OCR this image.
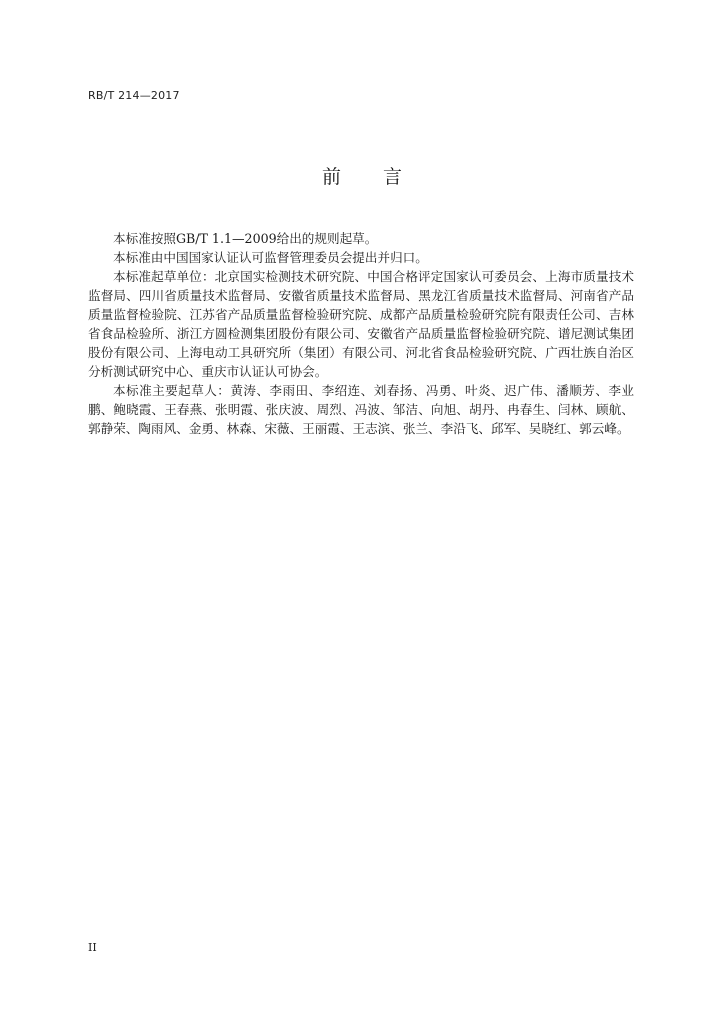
RB/T 214—2017
前 言

本标准按照GB/T 1.1—2009给出的规则起草。

本标准由中国国家认证认可监督管理委员会提出并归口。

本标准起草单位：北京国实检测技术研究院、中国合格评定国家认可委员会、上海市质量技术监督局、四川省质量技术监督局、安徽省质量技术监督局、黑龙江省质量技术监督局、河南省产品质量监督检验院、江苏省产品质量监督检验研究院、成都产品质量检验研究院有限责任公司、吉林省食品检验所、浙江方圆检测集团股份有限公司、安徽省产品质量监督检验研究院、谱尼测试集团股份有限公司、上海电动工具研究所（集团）有限公司、河北省食品检验研究院、广西壮族自治区分析测试研究中心、重庆市认证认可协会。

本标准主要起草人：黄涛、李雨田、李绍连、刘春扬、冯勇、叶炎、迟广伟、潘顺芳、李业鹏、鲍晓霞、王春燕、张明霞、张庆波、周烈、冯波、邹洁、向旭、胡丹、冉春生、闫林、顾航、郭静荣、陶雨风、金勇、林森、宋薇、王丽霞、王志滨、张兰、李沿飞、邱军、吴晓红、郭云峰。

II
